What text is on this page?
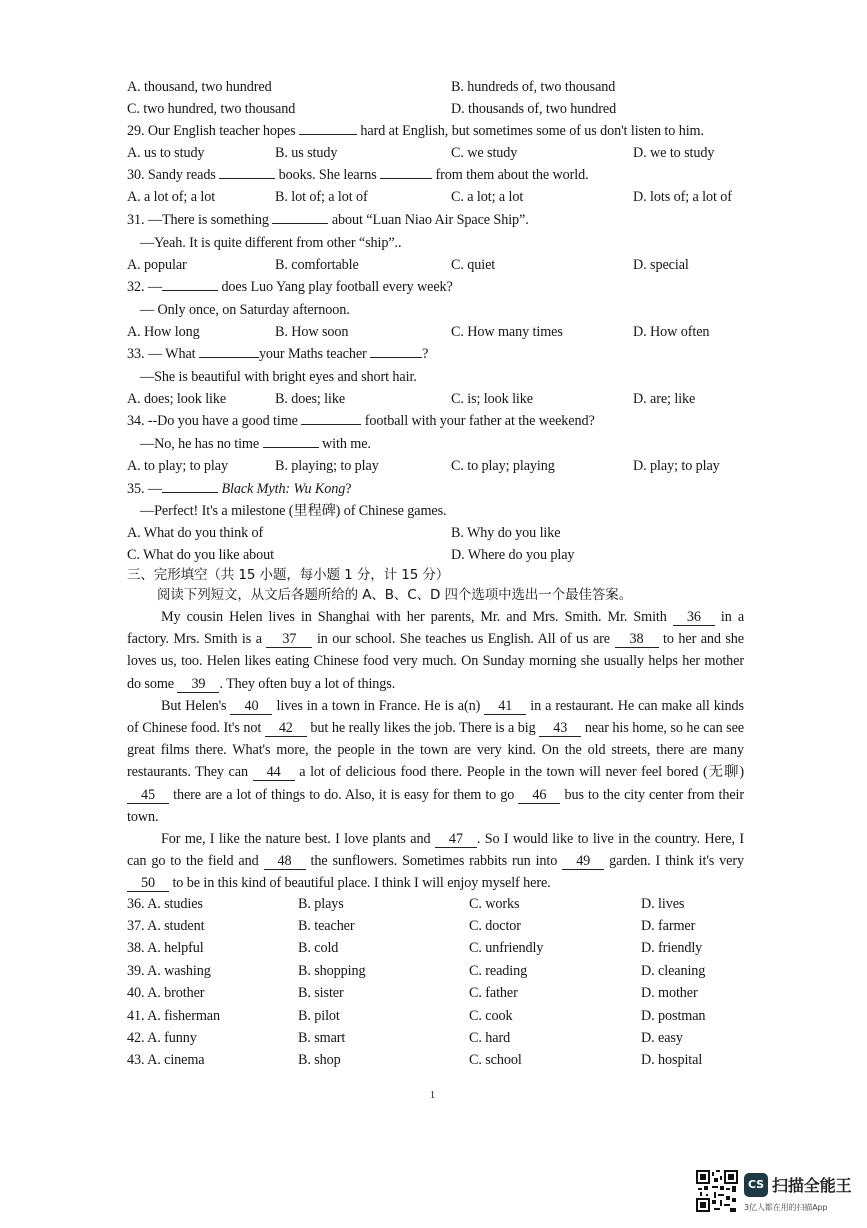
A. thousand, two hundred	B. hundreds of, two thousand
C. two hundred, two thousand	D. thousands of, two hundred
29. Our English teacher hopes	hard at English, but sometimes some of us don't listen to him.
A. us to study	B. us study	C. we study	D. we to study
30. Sandy reads	books. She learns	from them about the world.
A. a lot of; a lot	B. lot of; a lot of	C. a lot; a lot	D. lots of; a lot of
31. —There is something	about “Luan Niao Air Space Ship”.
—Yeah. It is quite different from other “ship”..
A. popular	B. comfortable	C. quiet	D. special
32. —	does Luo Yang play football every week?
— Only once, on Saturday afternoon.
A. How long	B. How soon	C. How many times	D. How often
33. — What	your Maths teacher	?
—She is beautiful with bright eyes and short hair.
A. does; look like	B. does; like	C. is; look like	D. are; like
34. --Do you have a good time	football with your father at the weekend?
—No, he has no time	with me.
A. to play; to play	B. playing; to play	C. to play; playing	D. play; to play
35. —	Black Myth: Wu Kong?
—Perfect! It's a milestone (里程碑) of Chinese games.
A. What do you think of	B. Why do you like
C. What do you like about	D. Where do you play
三、完形填空（共 15 小题，每小题 1 分，计 15 分）
阅读下列短文，从文后各题所给的 A、B、C、D 四个选项中选出一个最佳答案。

My cousin Helen lives in Shanghai with her parents, Mr. and Mrs. Smith. Mr. Smith 36 in a factory. Mrs. Smith is a 37 in our school. She teaches us English. All of us are 38 to her and she loves us, too. Helen likes eating Chinese food very much. On Sunday morning she usually helps her mother do some 39 . They often buy a lot of things.

But Helen's 40 lives in a town in France. He is a(n) 41 in a restaurant. He can make all kinds of Chinese food. It's not 42 but he really likes the job. There is a big 43 near his home, so he can see great films there. What's more, the people in the town are very kind. On the old streets, there are many restaurants. They can 44 a lot of delicious food there. People in the town will never feel bored (无聊) 45 there are a lot of things to do. Also, it is easy for them to go 46 bus to the city center from their town.

For me, I like the nature best. I love plants and 47 . So I would like to live in the country. Here, I can go to the field and 48 the sunflowers. Sometimes rabbits run into 49 garden. I think it's very 50 to be in this kind of beautiful place. I think I will enjoy myself here.

36. A. studies	B. plays	C. works	D. lives
37. A. student	B. teacher	C. doctor	D. farmer
38. A. helpful	B. cold	C. unfriendly	D. friendly
39. A. washing	B. shopping	C. reading	D. cleaning
40. A. brother	B. sister	C. father	D. mother
41. A. fisherman	B. pilot	C. cook	D. postman
42. A. funny	B. smart	C. hard	D. easy
43. A. cinema	B. shop	C. school	D. hospital
1
CS 扫描全能王
3亿人都在用的扫描App
